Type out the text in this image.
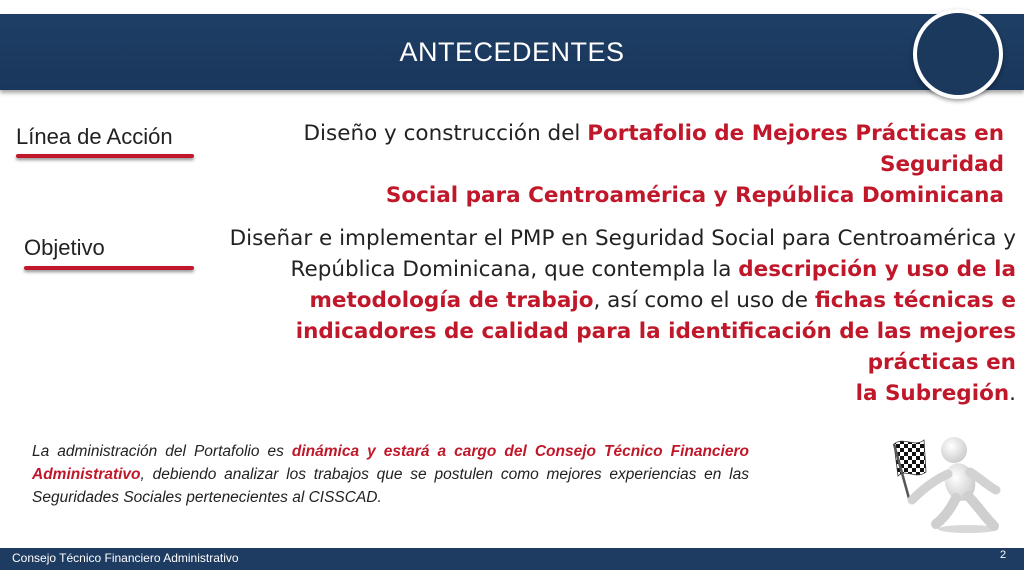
ANTECEDENTES
Línea de Acción	Diseño y construcción del Portafolio de Mejores Prácticas en Seguridad
Social para Centroamérica y República Dominicana
Objetivo	Diseñar e implementar el PMP en Seguridad Social para Centroamérica y
República Dominicana, que contempla la descripción y uso de la
metodología de trabajo, así como el uso de fichas técnicas e
indicadores de calidad para la identificación de las mejores prácticas en
la Subregión.
La administración del Portafolio es dinámica y estará a cargo del Consejo Técnico Financiero Administrativo, debiendo analizar los trabajos que se postulen como mejores experiencias en las Seguridades Sociales pertenecientes al CISSCAD.
Consejo Técnico Financiero Administrativo	2
